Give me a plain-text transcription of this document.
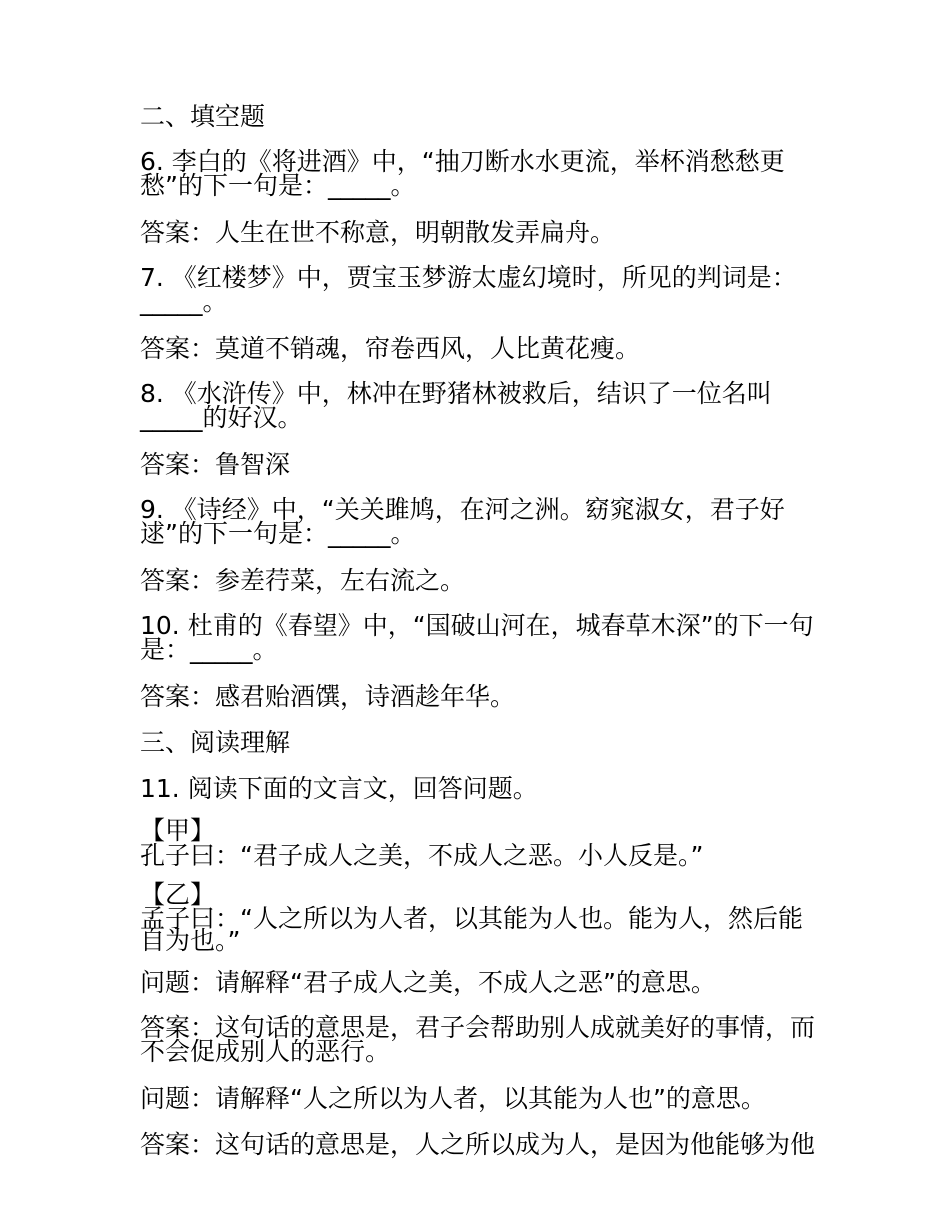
二、填空题
6. 李白的《将进酒》中，“抽刀断水水更流，举杯消愁愁更愁”的下一句是：_____。
答案：人生在世不称意，明朝散发弄扁舟。
7. 《红楼梦》中，贾宝玉梦游太虚幻境时，所见的判词是：_____。
答案：莫道不销魂，帘卷西风，人比黄花瘦。
8. 《水浒传》中，林冲在野猪林被救后，结识了一位名叫_____的好汉。
答案：鲁智深
9. 《诗经》中，“关关雎鸠，在河之洲。窈窕淑女，君子好逑”的下一句是：_____。
答案：参差荇菜，左右流之。
10. 杜甫的《春望》中，“国破山河在，城春草木深”的下一句是：_____。
答案：感君贻酒馔，诗酒趁年华。
三、阅读理解
11. 阅读下面的文言文，回答问题。
【甲】
孔子曰：“君子成人之美，不成人之恶。小人反是。”
【乙】
孟子曰：“人之所以为人者，以其能为人也。能为人，然后能自为也。”
问题：请解释“君子成人之美，不成人之恶”的意思。
答案：这句话的意思是，君子会帮助别人成就美好的事情，而不会促成别人的恶行。
问题：请解释“人之所以为人者，以其能为人也”的意思。
答案：这句话的意思是，人之所以成为人，是因为他能够为他
